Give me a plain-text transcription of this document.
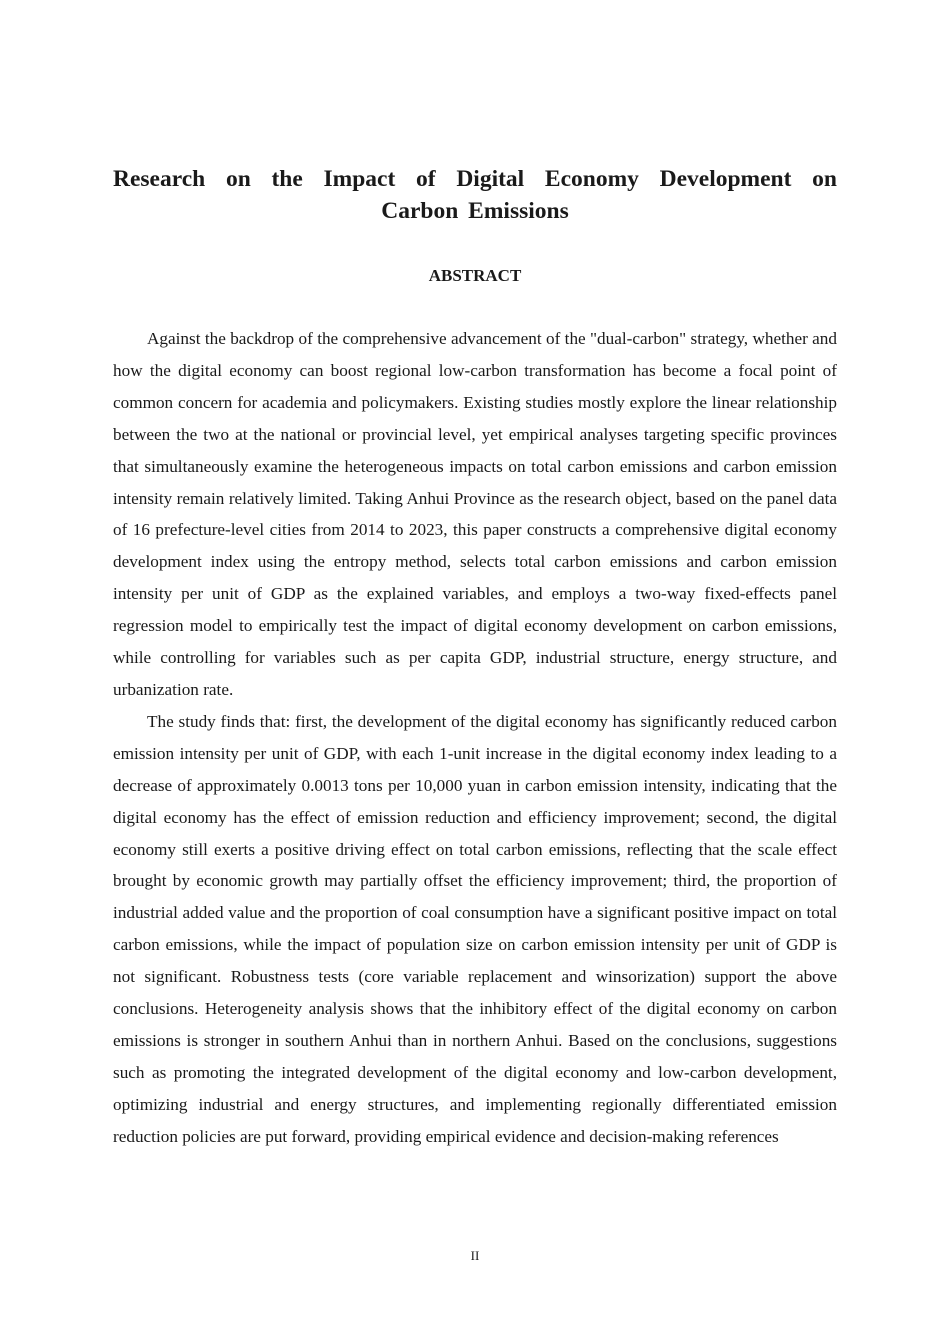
Research on the Impact of Digital Economy Development on Carbon Emissions
ABSTRACT

Against the backdrop of the comprehensive advancement of the "dual-carbon" strategy, whether and how the digital economy can boost regional low-carbon transformation has become a focal point of common concern for academia and policymakers. Existing studies mostly explore the linear relationship between the two at the national or provincial level, yet empirical analyses targeting specific provinces that simultaneously examine the heterogeneous impacts on total carbon emissions and carbon emission intensity remain relatively limited. Taking Anhui Province as the research object, based on the panel data of 16 prefecture-level cities from 2014 to 2023, this paper constructs a comprehensive digital economy development index using the entropy method, selects total carbon emissions and carbon emission intensity per unit of GDP as the explained variables, and employs a two-way fixed-effects panel regression model to empirically test the impact of digital economy development on carbon emissions, while controlling for variables such as per capita GDP, industrial structure, energy structure, and urbanization rate.

The study finds that: first, the development of the digital economy has significantly reduced carbon emission intensity per unit of GDP, with each 1-unit increase in the digital economy index leading to a decrease of approximately 0.0013 tons per 10,000 yuan in carbon emission intensity, indicating that the digital economy has the effect of emission reduction and efficiency improvement; second, the digital economy still exerts a positive driving effect on total carbon emissions, reflecting that the scale effect brought by economic growth may partially offset the efficiency improvement; third, the proportion of industrial added value and the proportion of coal consumption have a significant positive impact on total carbon emissions, while the impact of population size on carbon emission intensity per unit of GDP is not significant. Robustness tests (core variable replacement and winsorization) support the above conclusions. Heterogeneity analysis shows that the inhibitory effect of the digital economy on carbon emissions is stronger in southern Anhui than in northern Anhui. Based on the conclusions, suggestions such as promoting the integrated development of the digital economy and low-carbon development, optimizing industrial and energy structures, and implementing regionally differentiated emission reduction policies are put forward, providing empirical evidence and decision-making references

II
